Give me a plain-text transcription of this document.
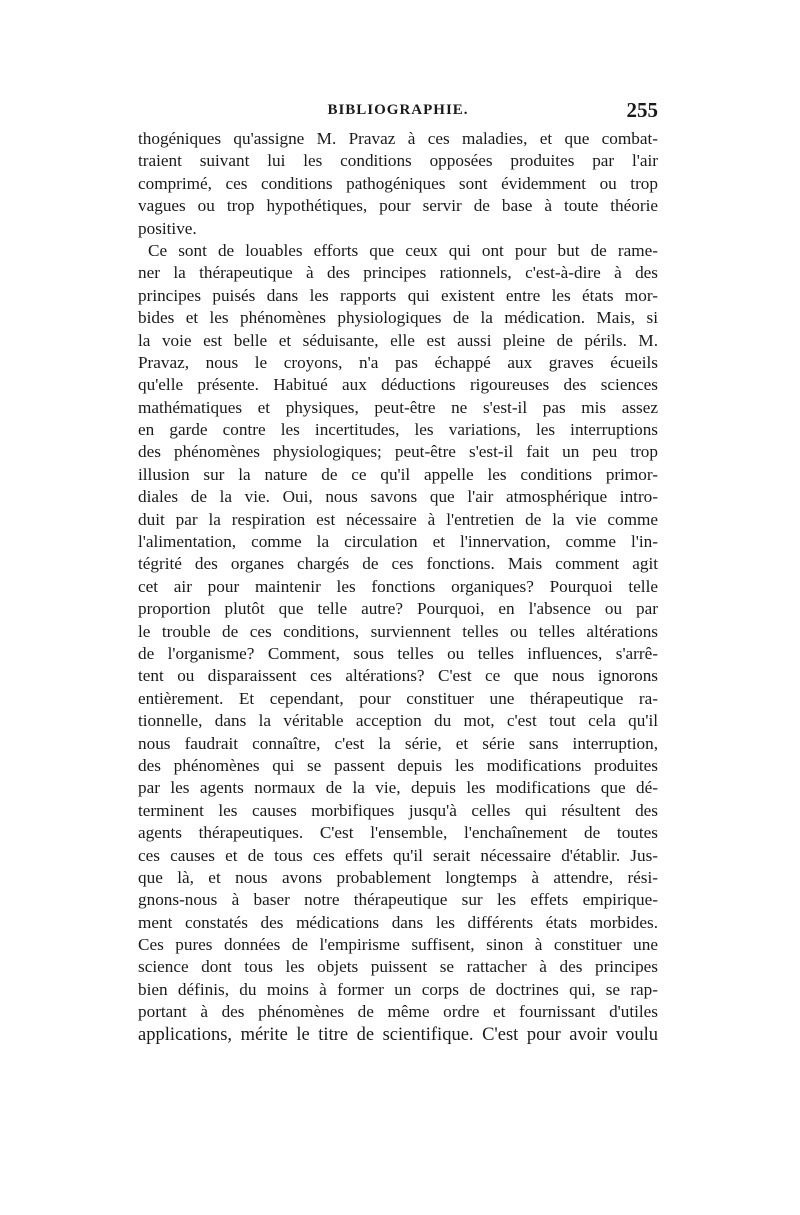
BIBLIOGRAPHIE.	255
thogéniques qu'assigne M. Pravaz à ces maladies, et que combat-
traient suivant lui les conditions opposées produites par l'air
comprimé, ces conditions pathogéniques sont évidemment ou trop
vagues ou trop hypothétiques, pour servir de base à toute théorie
positive.
Ce sont de louables efforts que ceux qui ont pour but de rame-
ner la thérapeutique à des principes rationnels, c'est-à-dire à des
principes puisés dans les rapports qui existent entre les états mor-
bides et les phénomènes physiologiques de la médication. Mais, si
la voie est belle et séduisante, elle est aussi pleine de périls. M.
Pravaz, nous le croyons, n'a pas échappé aux graves écueils
qu'elle présente. Habitué aux déductions rigoureuses des sciences
mathématiques et physiques, peut-être ne s'est-il pas mis assez
en garde contre les incertitudes, les variations, les interruptions
des phénomènes physiologiques; peut-être s'est-il fait un peu trop
illusion sur la nature de ce qu'il appelle les conditions primor-
diales de la vie. Oui, nous savons que l'air atmosphérique intro-
duit par la respiration est nécessaire à l'entretien de la vie comme
l'alimentation, comme la circulation et l'innervation, comme l'in-
tégrité des organes chargés de ces fonctions. Mais comment agit
cet air pour maintenir les fonctions organiques? Pourquoi telle
proportion plutôt que telle autre? Pourquoi, en l'absence ou par
le trouble de ces conditions, surviennent telles ou telles altérations
de l'organisme? Comment, sous telles ou telles influences, s'arrê-
tent ou disparaissent ces altérations? C'est ce que nous ignorons
entièrement. Et cependant, pour constituer une thérapeutique ra-
tionnelle, dans la véritable acception du mot, c'est tout cela qu'il
nous faudrait connaître, c'est la série, et série sans interruption,
des phénomènes qui se passent depuis les modifications produites
par les agents normaux de la vie, depuis les modifications que dé-
terminent les causes morbifiques jusqu'à celles qui résultent des
agents thérapeutiques. C'est l'ensemble, l'enchaînement de toutes
ces causes et de tous ces effets qu'il serait nécessaire d'établir. Jus-
que là, et nous avons probablement longtemps à attendre, rési-
gnons-nous à baser notre thérapeutique sur les effets empirique-
ment constatés des médications dans les différents états morbides.
Ces pures données de l'empirisme suffisent, sinon à constituer une
science dont tous les objets puissent se rattacher à des principes
bien définis, du moins à former un corps de doctrines qui, se rap-
portant à des phénomènes de même ordre et fournissant d'utiles
applications, mérite le titre de scientifique. C'est pour avoir voulu
